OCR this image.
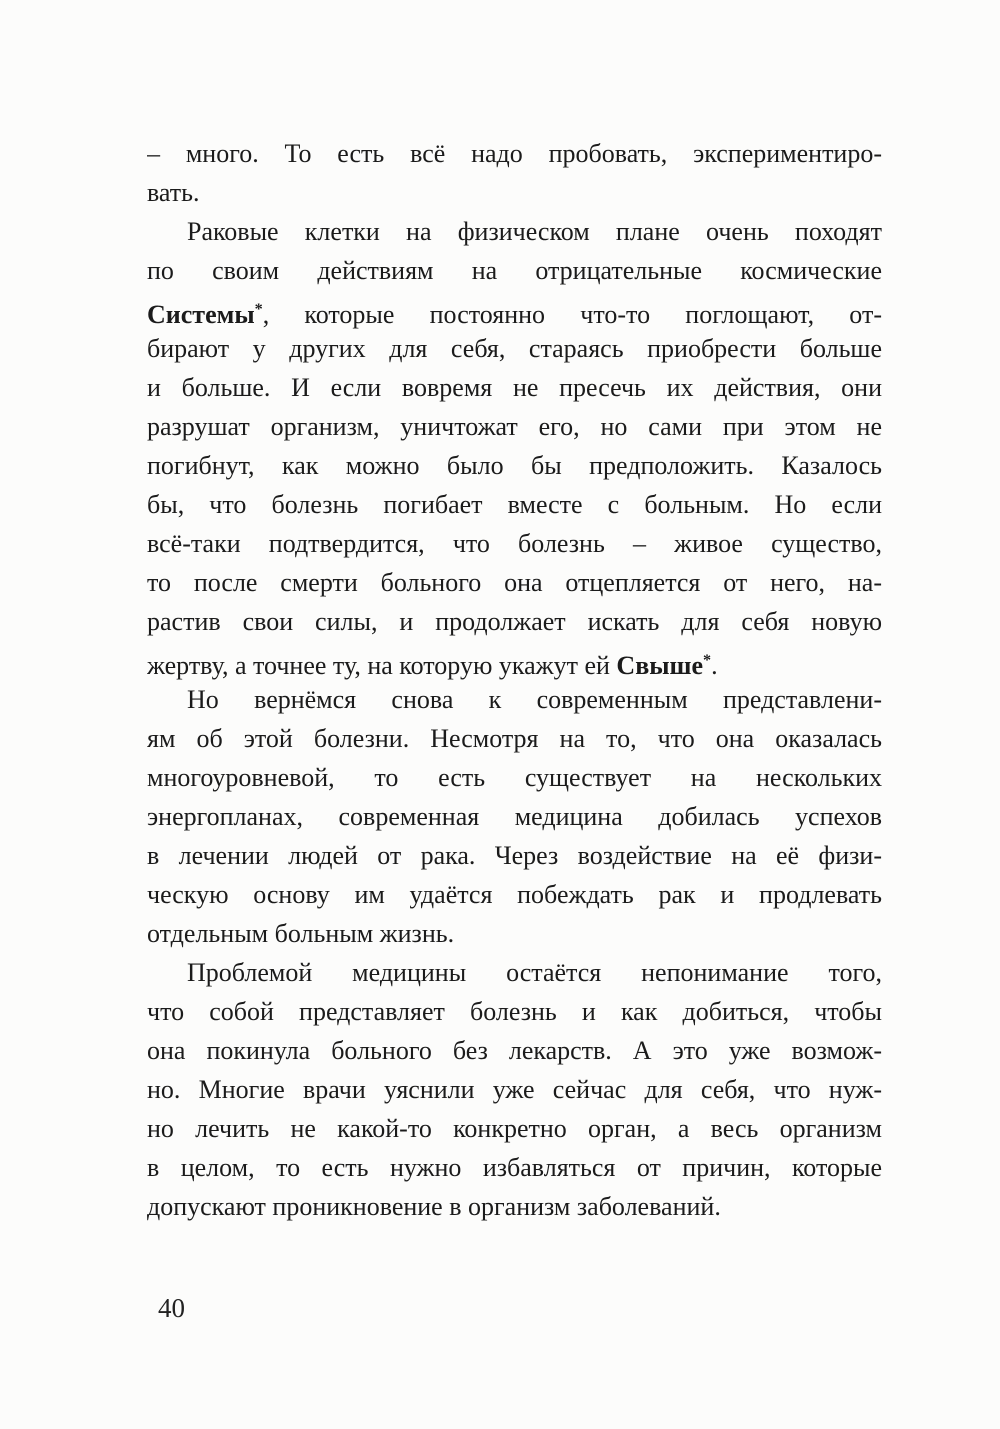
– много. То есть всё надо пробовать, экспериментиро-
вать.
Раковые клетки на физическом плане очень походят
по своим действиям на отрицательные космические
Системы*, которые постоянно что-то поглощают, от-
бирают у других для себя, стараясь приобрести больше
и больше. И если вовремя не пресечь их действия, они
разрушат организм, уничтожат его, но сами при этом не
погибнут, как можно было бы предположить. Казалось
бы, что болезнь погибает вместе с больным. Но если
всё-таки подтвердится, что болезнь – живое существо,
то после смерти больного она отцепляется от него, на-
растив свои силы, и продолжает искать для себя новую
жертву, а точнее ту, на которую укажут ей Свыше*.
Но вернёмся снова к современным представлени-
ям об этой болезни. Несмотря на то, что она оказалась
многоуровневой, то есть существует на нескольких
энергопланах, современная медицина добилась успехов
в лечении людей от рака. Через воздействие на её физи-
ческую основу им удаётся побеждать рак и продлевать
отдельным больным жизнь.
Проблемой медицины остаётся непонимание того,
что собой представляет болезнь и как добиться, чтобы
она покинула больного без лекарств. А это уже возмож-
но. Многие врачи уяснили уже сейчас для себя, что нуж-
но лечить не какой-то конкретно орган, а весь организм
в целом, то есть нужно избавляться от причин, которые
допускают проникновение в организм заболеваний.
40
